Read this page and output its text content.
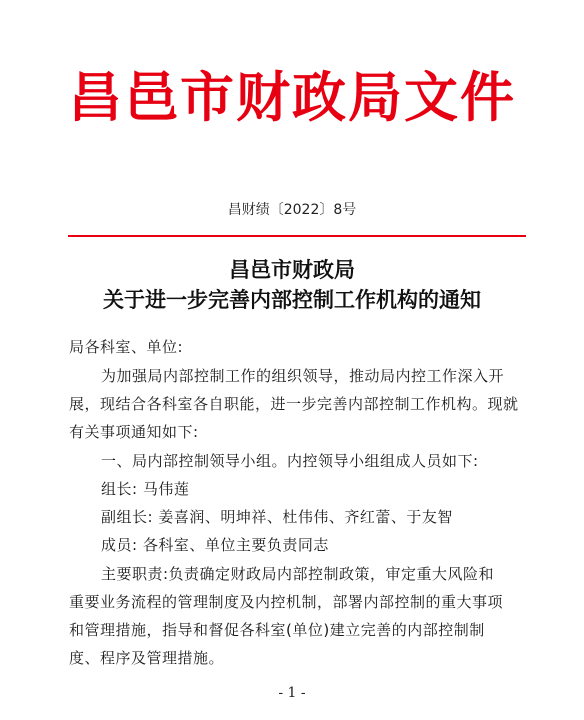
昌邑市财政局文件
昌财绩〔2022〕8号
昌邑市财政局
关于进一步完善内部控制工作机构的通知
局各科室、单位:
为加强局内部控制工作的组织领导，推动局内控工作深入开
展，现结合各科室各自职能，进一步完善内部控制工作机构。现就
有关事项通知如下:
一、局内部控制领导小组。内控领导小组组成人员如下:
组长: 马伟莲
副组长: 姜喜润、明坤祥、杜伟伟、齐红蕾、于友智
成员: 各科室、单位主要负责同志
主要职责:负责确定财政局内部控制政策，审定重大风险和
重要业务流程的管理制度及内控机制，部署内部控制的重大事项
和管理措施，指导和督促各科室(单位)建立完善的内部控制制
度、程序及管理措施。
- 1 -
